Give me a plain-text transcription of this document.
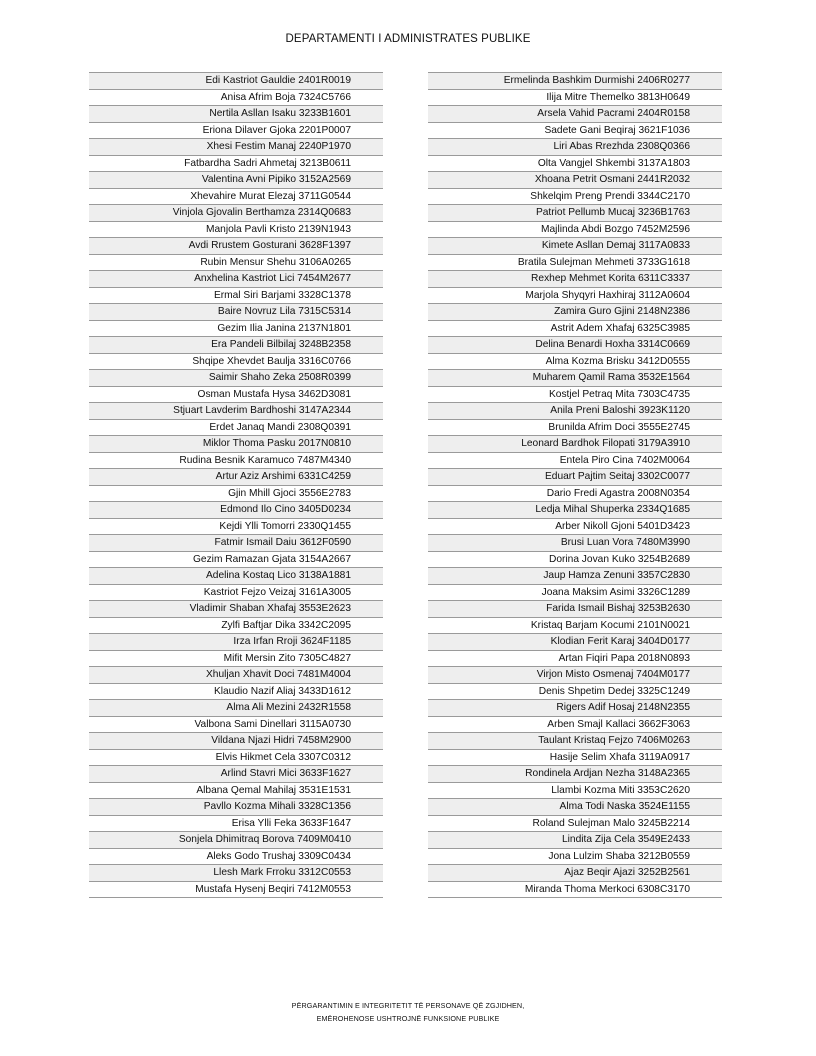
DEPARTAMENTI I ADMINISTRATES PUBLIKE
Edi Kastriot Gauldie 2401R0019
Anisa Afrim Boja 7324C5766
Nertila Asllan Isaku 3233B1601
Eriona Dilaver Gjoka 2201P0007
Xhesi Festim Manaj 2240P1970
Fatbardha Sadri Ahmetaj 3213B0611
Valentina Avni Pipiko 3152A2569
Xhevahire Murat Elezaj 3711G0544
Vinjola Gjovalin Berthamza 2314Q0683
Manjola Pavli Kristo 2139N1943
Avdi Rrustem Gosturani 3628F1397
Rubin Mensur Shehu 3106A0265
Anxhelina Kastriot Lici 7454M2677
Ermal Siri Barjami 3328C1378
Baire Novruz Lila 7315C5314
Gezim Ilia Janina 2137N1801
Era Pandeli Bilbilaj 3248B2358
Shqipe Xhevdet Baulja 3316C0766
Saimir Shaho Zeka 2508R0399
Osman Mustafa Hysa 3462D3081
Stjuart Lavderim Bardhoshi 3147A2344
Erdet Janaq Mandi 2308Q0391
Miklor Thoma Pasku 2017N0810
Rudina Besnik Karamuco 7487M4340
Artur Aziz Arshimi 6331C4259
Gjin Mhill Gjoci 3556E2783
Edmond Ilo Cino 3405D0234
Kejdi Ylli Tomorri 2330Q1455
Fatmir Ismail Daiu 3612F0590
Gezim Ramazan Gjata 3154A2667
Adelina Kostaq Lico 3138A1881
Kastriot Fejzo Veizaj 3161A3005
Vladimir Shaban Xhafaj 3553E2623
Zylfi Baftjar Dika 3342C2095
Irza Irfan Rroji 3624F1185
Mifit Mersin Zito 7305C4827
Xhuljan Xhavit Doci 7481M4004
Klaudio Nazif Aliaj 3433D1612
Alma Ali Mezini 2432R1558
Valbona Sami Dinellari 3115A0730
Vildana Njazi Hidri 7458M2900
Elvis Hikmet Cela 3307C0312
Arlind Stavri Mici 3633F1627
Albana Qemal Mahilaj 3531E1531
Pavllo Kozma Mihali 3328C1356
Erisa Ylli Feka 3633F1647
Sonjela Dhimitraq Borova 7409M0410
Aleks Godo Trushaj 3309C0434
Llesh Mark Frroku 3312C0553
Mustafa Hysenj Beqiri 7412M0553
Ermelinda Bashkim Durmishi 2406R0277
Ilija Mitre Themelko 3813H0649
Arsela Vahid Pacrami 2404R0158
Sadete Gani Beqiraj 3621F1036
Liri Abas Rrezhda 2308Q0366
Olta Vangjel Shkembi 3137A1803
Xhoana Petrit Osmani 2441R2032
Shkelqim Preng Prendi 3344C2170
Patriot Pellumb Mucaj 3236B1763
Majlinda Abdi Bozgo 7452M2596
Kimete Asllan Demaj 3117A0833
Bratila Sulejman Mehmeti 3733G1618
Rexhep Mehmet Korita 6311C3337
Marjola Shyqyri Haxhiraj 3112A0604
Zamira Guro Gjini 2148N2386
Astrit Adem Xhafaj 6325C3985
Delina Benardi Hoxha 3314C0669
Alma Kozma Brisku 3412D0555
Muharem Qamil Rama 3532E1564
Kostjel Petraq Mita 7303C4735
Anila Preni Baloshi 3923K1120
Brunilda Afrim Doci 3555E2745
Leonard Bardhok Filopati 3179A3910
Entela Piro Cina 7402M0064
Eduart Pajtim Seitaj 3302C0077
Dario Fredi Agastra 2008N0354
Ledja Mihal Shuperka 2334Q1685
Arber Nikoll Gjoni 5401D3423
Brusi Luan Vora 7480M3990
Dorina Jovan Kuko 3254B2689
Jaup Hamza Zenuni 3357C2830
Joana Maksim Asimi 3326C1289
Farida Ismail Bishaj 3253B2630
Kristaq Barjam Kocumi 2101N0021
Klodian Ferit Karaj 3404D0177
Artan Fiqiri Papa 2018N0893
Virjon Misto Osmenaj 7404M0177
Denis Shpetim Dedej 3325C1249
Rigers Adif Hosaj 2148N2355
Arben Smajl Kallaci 3662F3063
Taulant Kristaq Fejzo 7406M0263
Hasije Selim Xhafa 3119A0917
Rondinela Ardjan Nezha 3148A2365
Llambi Kozma Miti 3353C2620
Alma Todi Naska 3524E1155
Roland Sulejman Malo 3245B2214
Lindita Zija Cela 3549E2433
Jona Lulzim Shaba 3212B0559
Ajaz Beqir Ajazi 3252B2561
Miranda Thoma Merkoci 6308C3170
PËRGARANTIMIN E INTEGRITETIT TË PERSONAVE QË ZGJIDHEN,
EMËROHENOSE USHTROJNË FUNKSIONE PUBLIKE
